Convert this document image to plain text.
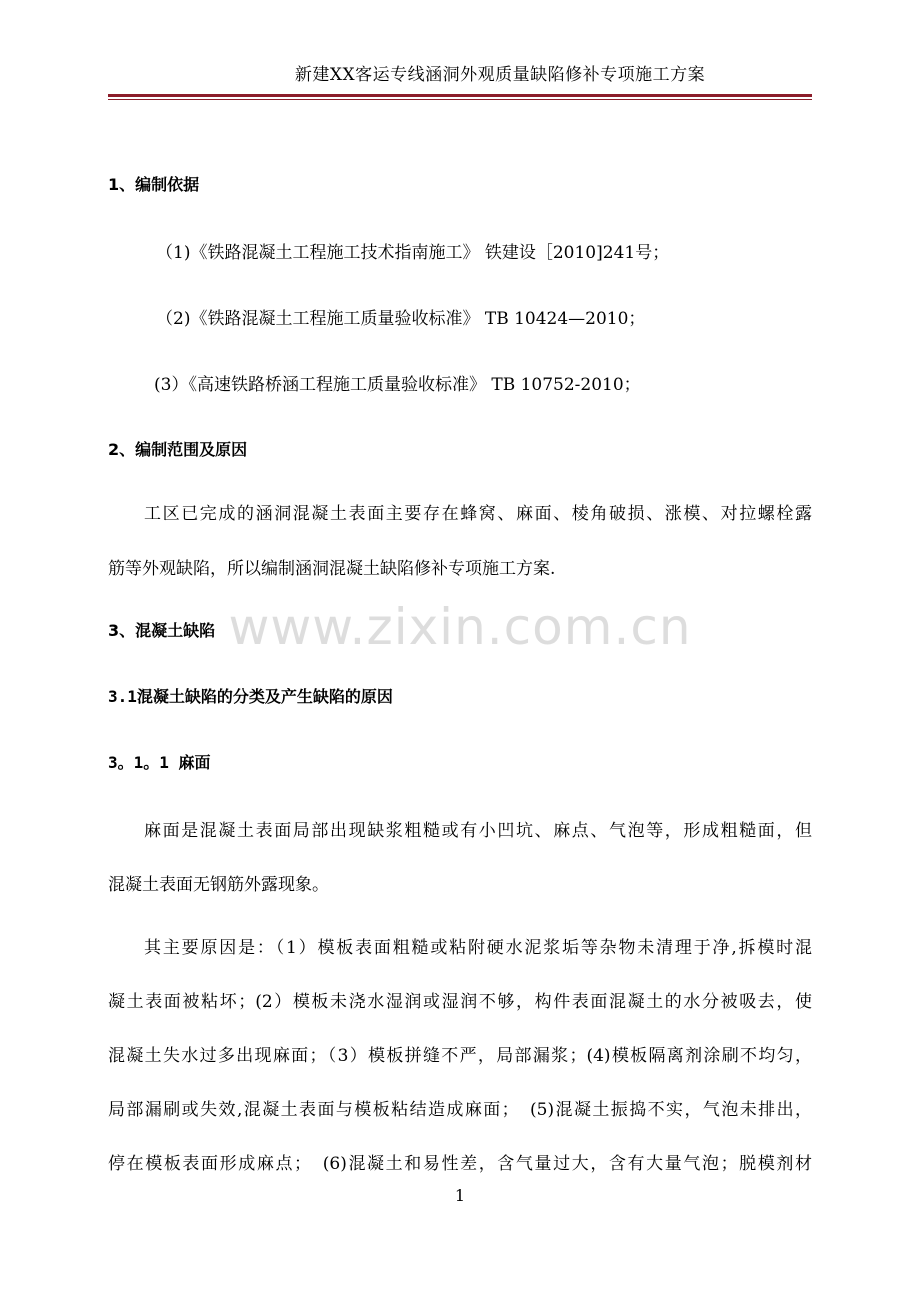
新建XX客运专线涵洞外观质量缺陷修补专项施工方案
1、编制依据
（1)《铁路混凝土工程施工技术指南施工》 铁建设［2010]241号；
（2)《铁路混凝土工程施工质量验收标准》 TB 10424—2010；
(3）《高速铁路桥涵工程施工质量验收标准》 TB 10752-2010；
2、编制范围及原因
工区已完成的涵洞混凝土表面主要存在蜂窝、麻面、棱角破损、涨模、对拉螺栓露
筋等外观缺陷，所以编制涵洞混凝土缺陷修补专项施工方案.
www.zixin.com.cn
3、混凝土缺陷
3.1混凝土缺陷的分类及产生缺陷的原因
3。1。1 麻面
麻面是混凝土表面局部出现缺浆粗糙或有小凹坑、麻点、气泡等，形成粗糙面，但
混凝土表面无钢筋外露现象。
其主要原因是：（1）模板表面粗糙或粘附硬水泥浆垢等杂物未清理于净,拆模时混
凝土表面被粘坏；(2）模板未浇水湿润或湿润不够，构件表面混凝土的水分被吸去，使
混凝土失水过多出现麻面；（3）模板拼缝不严，局部漏浆；(4)模板隔离剂涂刷不均匀，
局部漏刷或失效,混凝土表面与模板粘结造成麻面；　(5)混凝土振捣不实，气泡未排出，
停在模板表面形成麻点；　(6)混凝土和易性差，含气量过大，含有大量气泡；脱模剂材
1
